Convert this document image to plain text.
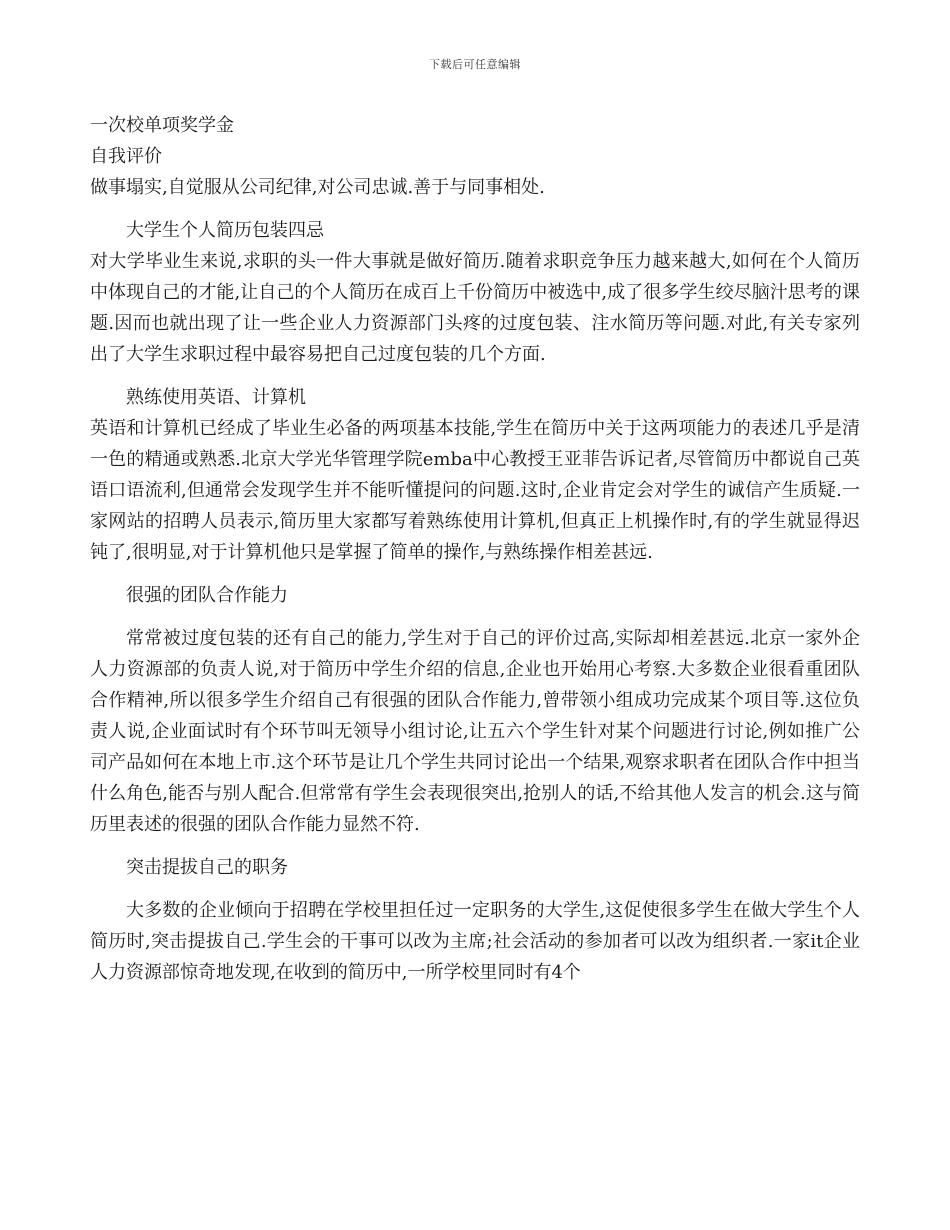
下载后可任意编辑

一次校单项奖学金

自我评价

做事塌实,自觉服从公司纪律,对公司忠诚.善于与同事相处.

大学生个人简历包装四忌

对大学毕业生来说,求职的头一件大事就是做好简历.随着求职竞争压力越来越大,如何在个人简历中体现自己的才能,让自己的个人简历在成百上千份简历中被选中,成了很多学生绞尽脑汁思考的课题.因而也就出现了让一些企业人力资源部门头疼的过度包装、注水简历等问题.对此,有关专家列出了大学生求职过程中最容易把自己过度包装的几个方面.

熟练使用英语、计算机

英语和计算机已经成了毕业生必备的两项基本技能,学生在简历中关于这两项能力的表述几乎是清一色的精通或熟悉.北京大学光华管理学院emba中心教授王亚菲告诉记者,尽管简历中都说自己英语口语流利,但通常会发现学生并不能听懂提问的问题.这时,企业肯定会对学生的诚信产生质疑.一家网站的招聘人员表示,简历里大家都写着熟练使用计算机,但真正上机操作时,有的学生就显得迟钝了,很明显,对于计算机他只是掌握了简单的操作,与熟练操作相差甚远.

很强的团队合作能力

常常被过度包装的还有自己的能力,学生对于自己的评价过高,实际却相差甚远.北京一家外企人力资源部的负责人说,对于简历中学生介绍的信息,企业也开始用心考察.大多数企业很看重团队合作精神,所以很多学生介绍自己有很强的团队合作能力,曾带领小组成功完成某个项目等.这位负责人说,企业面试时有个环节叫无领导小组讨论,让五六个学生针对某个问题进行讨论,例如推广公司产品如何在本地上市.这个环节是让几个学生共同讨论出一个结果,观察求职者在团队合作中担当什么角色,能否与别人配合.但常常有学生会表现很突出,抢别人的话,不给其他人发言的机会.这与简历里表述的很强的团队合作能力显然不符.

突击提拔自己的职务

大多数的企业倾向于招聘在学校里担任过一定职务的大学生,这促使很多学生在做大学生个人简历时,突击提拔自己.学生会的干事可以改为主席;社会活动的参加者可以改为组织者.一家it企业人力资源部惊奇地发现,在收到的简历中,一所学校里同时有4个
